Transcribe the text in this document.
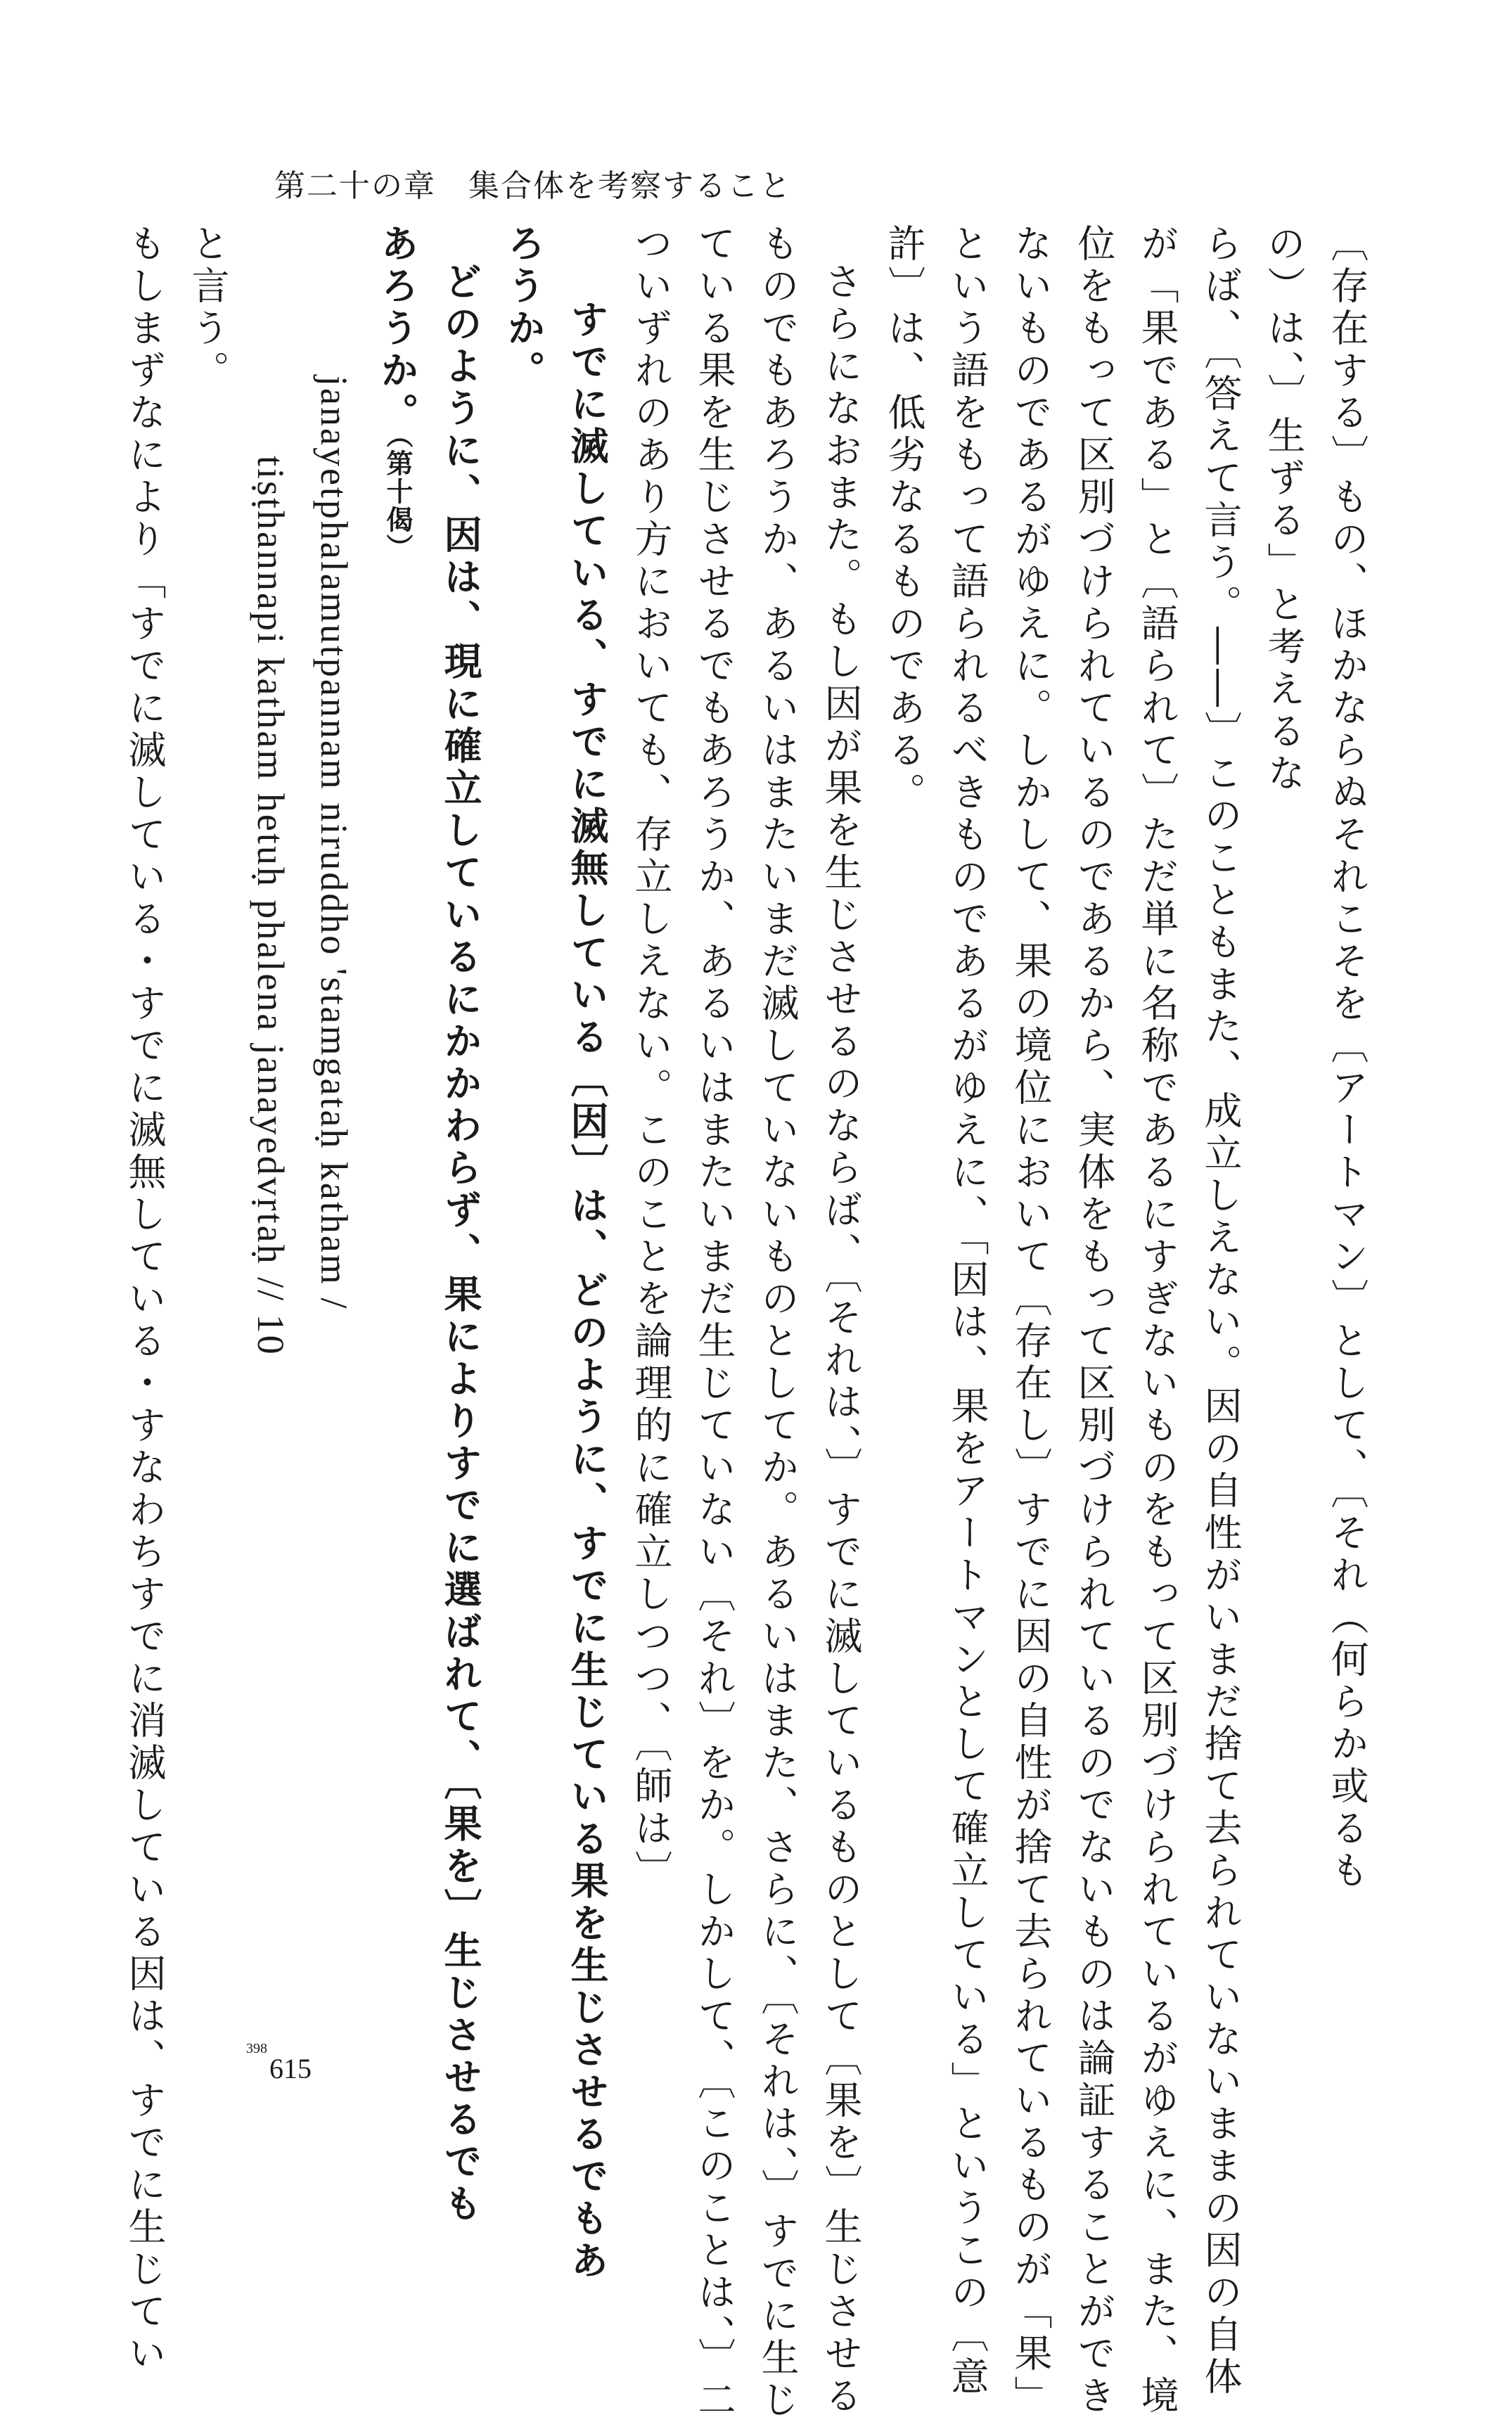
第二十の章　集合体を考察すること
〔存在する〕もの、ほかならぬそれこそを〔アートマン〕として、〔それ（何らか或るもの）は、〕生ずる」と考えるな
らば、〔答えて言う。――〕このこともまた、成立しえない。因の自性がいまだ捨て去られていないままの因の自体
が「果である」と〔語られて〕ただ単に名称であるにすぎないものをもって区別づけられているがゆえに、また、境
位をもって区別づけられているのであるから、実体をもって区別づけられているのでないものは論証することができ
ないものであるがゆえに。しかして、果の境位において〔存在し〕すでに因の自性が捨て去られているものが「果」
という語をもって語られるべきものであるがゆえに、「因は、果をアートマンとして確立している」というこの〔意
許〕は、低劣なるものである。
さらになおまた。もし因が果を生じさせるのならば、〔それは、〕すでに滅しているものとして〔果を〕生じさせる
ものでもあろうか、あるいはまたいまだ滅していないものとしてか。あるいはまた、さらに、〔それは、〕すでに生じ
ている果を生じさせるでもあろうか、あるいはまたいまだ生じていない〔それ〕をか。しかして、〔このことは、〕二
ついずれのあり方においても、存立しえない。このことを論理的に確立しつつ、〔師は〕
すでに滅している、すでに滅無している〔因〕は、どのように、すでに生じている果を生じさせるでもあ
ろうか。
どのように、因は、現に確立しているにかかわらず、果によりすでに選ばれて、〔果を〕生じさせるでも
あろうか。（第十偈）
janayetphalamutpannam niruddho 'stamgataḥ katham /
tiṣṭhannapi katham hetuḥ phalena janayedvṛtaḥ // 10
と言う。
もしまずなにより「すでに滅している・すでに滅無している・すなわちすでに消滅している因は、すでに生じてい	398
615
